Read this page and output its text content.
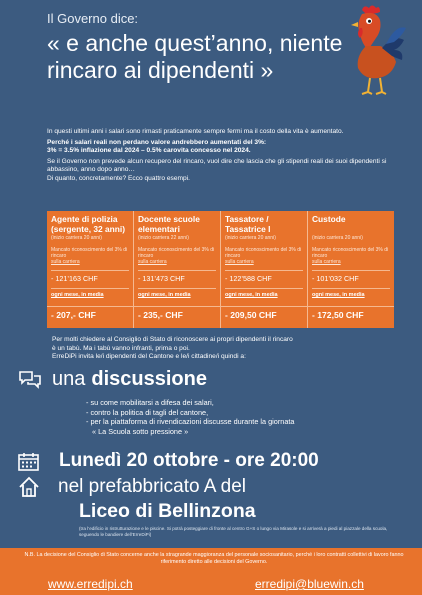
Il Governo dice:
« e anche quest’anno, niente rincaro ai dipendenti »

In questi ultimi anni i salari sono rimasti praticamente sempre fermi ma il costo della vita è aumentato.

Perché i salari reali non perdano valore andrebbero aumentati del 3%:

3% = 3.5% inflazione dal 2024 – 0.5% carovita concesso nel 2024.

Se il Governo non prevede alcun recupero del rincaro, vuol dire che lascia che gli stipendi reali dei suoi dipendenti si abbassino, anno dopo anno…

Di quanto, concretamente? Ecco quattro esempi.

Agente di polizia (sergente, 32 anni)
(inizio carriera 20 anni)
Mancato riconoscimento del 3% di rincaro
sulla carriera
- 121’163 CHF
ogni mese, in media
- 207,- CHF
Docente scuole elementari
(inizio carriera 22 anni)
Mancato riconoscimento del 3% di rincaro
sulla carriera
- 131’473 CHF
ogni mese, in media
- 235,- CHF
Tassatore / Tassatrice I
(inizio carriera 20 anni)
Mancato riconoscimento del 3% di rincaro
sulla carriera
- 122’588 CHF
ogni mese, in media
- 209,50 CHF
Custode
(inizio carriera 20 anni)
Mancato riconoscimento del 3% di rincaro
sulla carriera
- 101’032 CHF
ogni mese, in media
- 172,50 CHF

Per molti chiedere al Consiglio di Stato di riconoscere ai propri dipendenti il rincaro

è un tabù. Ma i tabù vanno infranti, prima o poi.

ErreDiPi invita le/i dipendenti del Cantone e le/i cittadine/i quindi a:

una discussione
- su come mobilitarsi a difesa dei salari,
- contro la politica di tagli del cantone,
- per la piattaforma di rivendicazioni discusse durante la giornata
« La Scuola sotto pressione »
Lunedì 20 ottobre - ore 20:00
nel prefabbricato A del
Liceo di Bellinzona
(tra l’edificio in ristrutturazione e le piscine. Si potrà posteggiare di fronte al centro G+S o lungo via Mirasole e si arriverà a piedi al piazzale della scuola, seguendo le bandiere dell’ErreDiPi)
N.B. La decisione del Consiglio di Stato concerne anche la stragrande maggioranza del personale sociosanitario, perché i loro contratti collettivi di lavoro fanno riferimento diretto alle decisioni del Governo.
www.erredipi.ch	erredipi@bluewin.ch
